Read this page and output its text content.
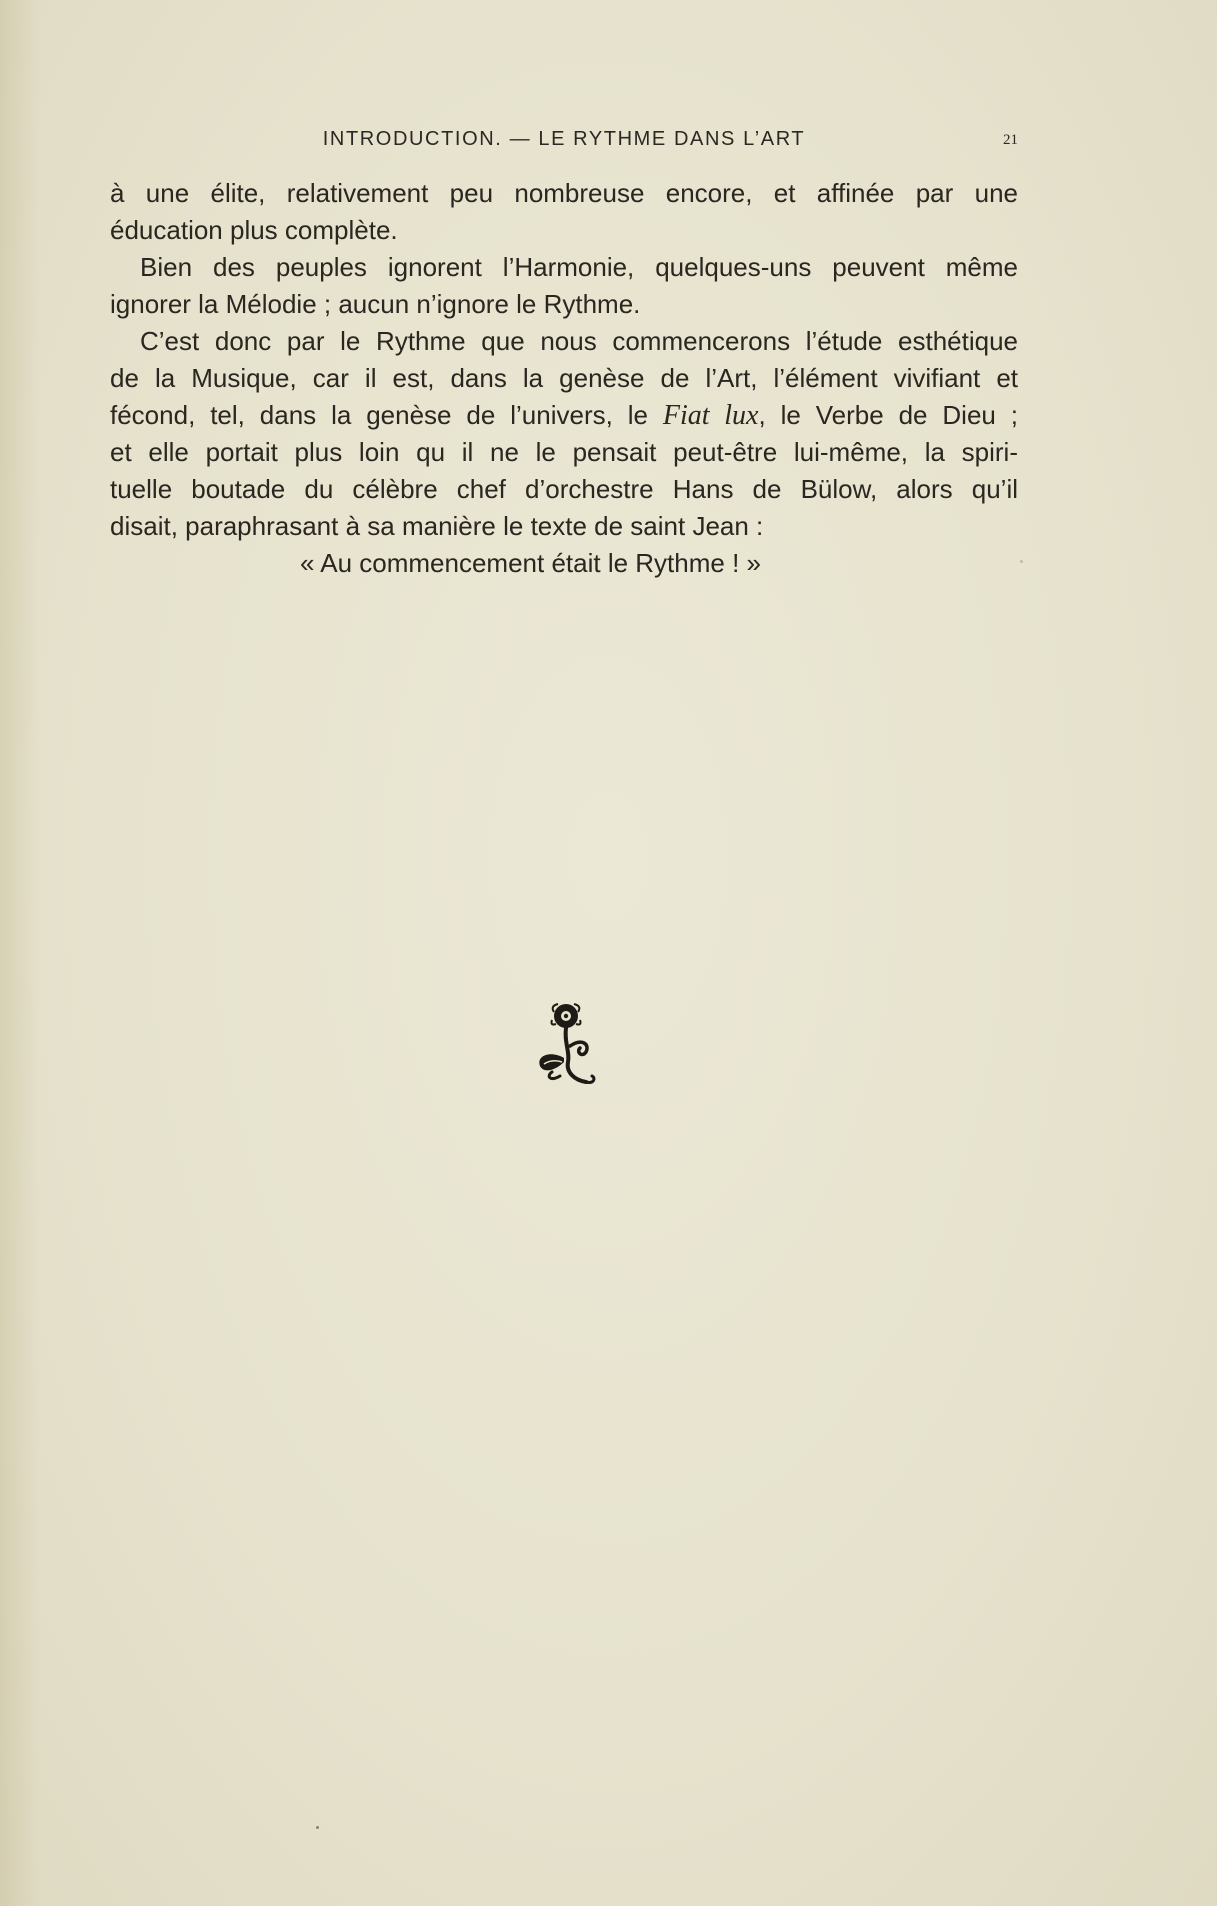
INTRODUCTION. — LE RYTHME DANS L’ART	21
à une élite, relativement peu nombreuse encore, et affinée par une
éducation plus complète.
Bien des peuples ignorent l’Harmonie, quelques-uns peuvent même
ignorer la Mélodie ; aucun n’ignore le Rythme.
C’est donc par le Rythme que nous commencerons l’étude esthétique
de la Musique, car il est, dans la genèse de l’Art, l’élément vivifiant et
fécond, tel, dans la genèse de l’univers, le Fiat lux, le Verbe de Dieu ;
et elle portait plus loin qu il ne le pensait peut-être lui-même, la spiri-
tuelle boutade du célèbre chef d’orchestre Hans de Bülow, alors qu’il
disait, paraphrasant à sa manière le texte de saint Jean :
« Au commencement était le Rythme ! »
